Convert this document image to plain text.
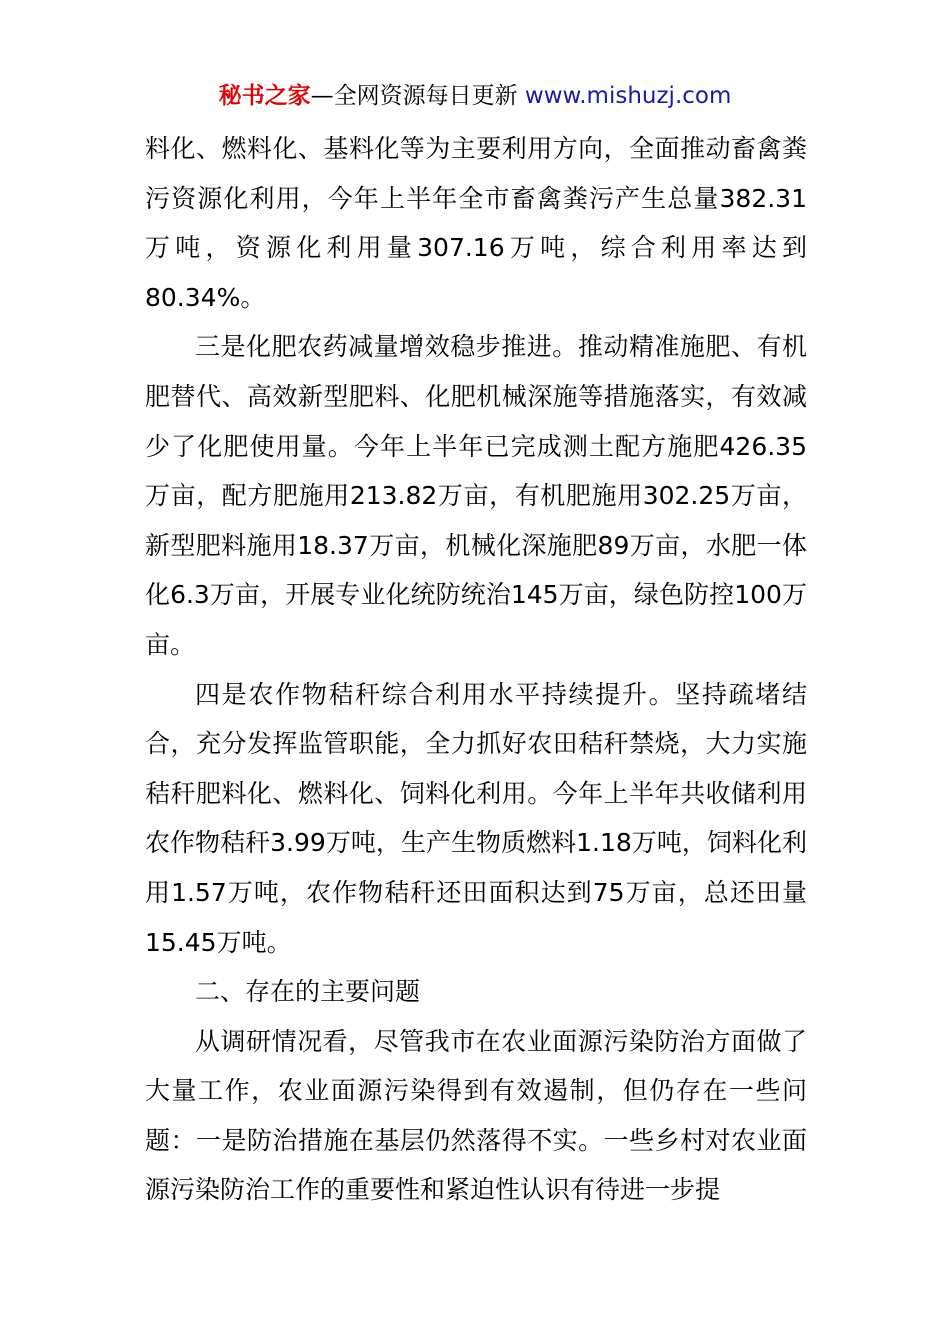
秘书之家—全网资源每日更新 www.mishuzj.com

料化、燃料化、基料化等为主要利用方向，全面推动畜禽粪污资源化利用，今年上半年全市畜禽粪污产生总量382.31万吨，资源化利用量307.16万吨，综合利用率达到80.34%。

三是化肥农药减量增效稳步推进。推动精准施肥、有机肥替代、高效新型肥料、化肥机械深施等措施落实，有效减少了化肥使用量。今年上半年已完成测土配方施肥426.35万亩，配方肥施用213.82万亩，有机肥施用302.25万亩，新型肥料施用18.37万亩，机械化深施肥89万亩，水肥一体化6.3万亩，开展专业化统防统治145万亩，绿色防控100万亩。

四是农作物秸秆综合利用水平持续提升。坚持疏堵结合，充分发挥监管职能，全力抓好农田秸秆禁烧，大力实施秸秆肥料化、燃料化、饲料化利用。今年上半年共收储利用农作物秸秆3.99万吨，生产生物质燃料1.18万吨，饲料化利用1.57万吨，农作物秸秆还田面积达到75万亩，总还田量15.45万吨。

二、存在的主要问题

从调研情况看，尽管我市在农业面源污染防治方面做了大量工作，农业面源污染得到有效遏制，但仍存在一些问题：一是防治措施在基层仍然落得不实。一些乡村对农业面源污染防治工作的重要性和紧迫性认识有待进一步提
